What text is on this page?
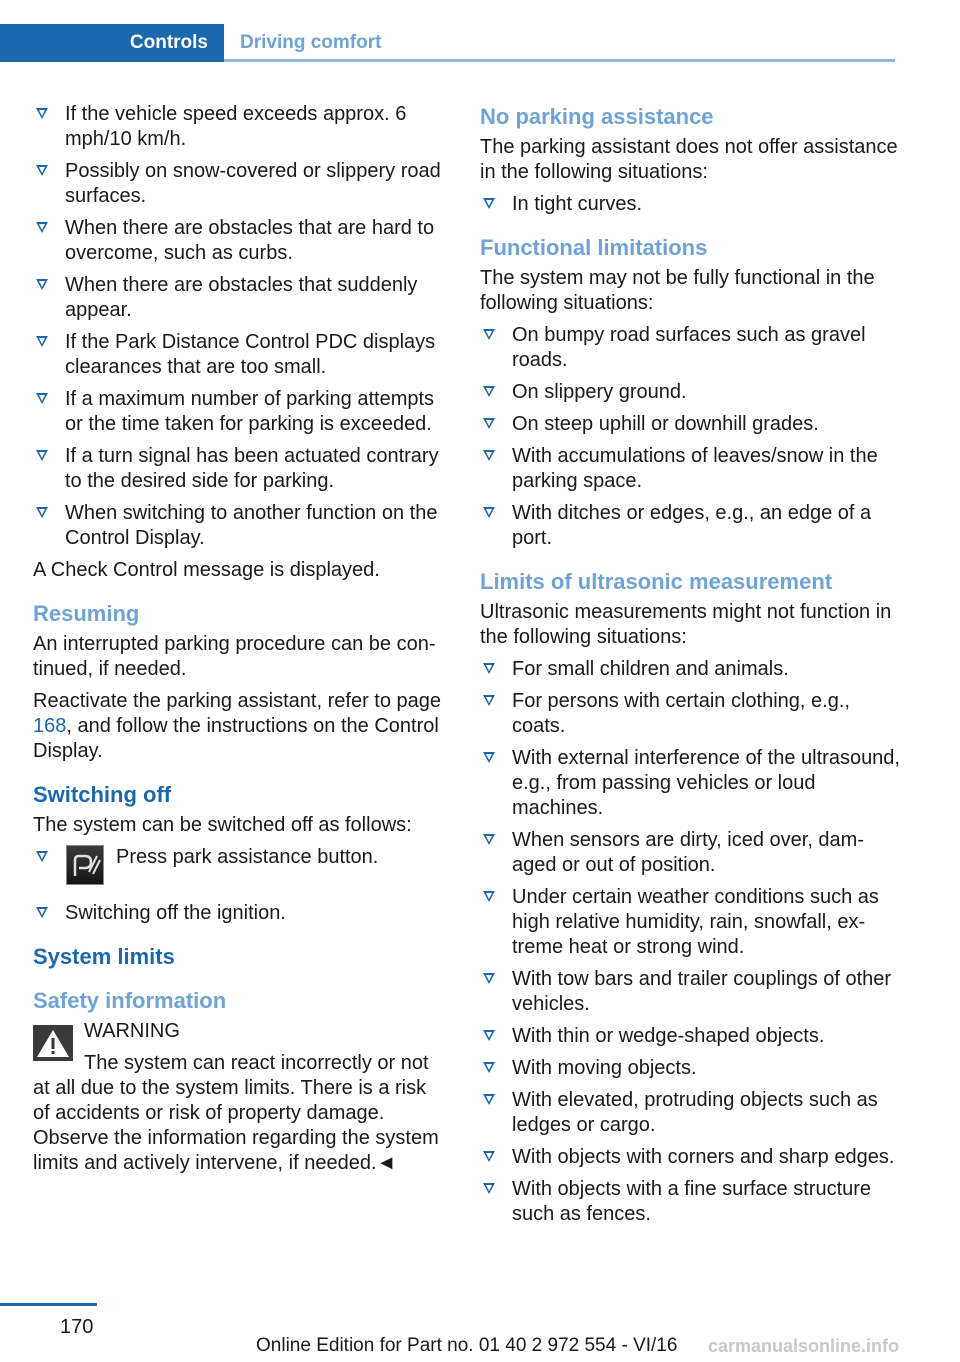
Controls	Driving comfort
If the vehicle speed exceeds approx. 6 mph/10 km/h.
Possibly on snow-covered or slippery road surfaces.
When there are obstacles that are hard to overcome, such as curbs.
When there are obstacles that suddenly appear.
If the Park Distance Control PDC displays clearances that are too small.
If a maximum number of parking attempts or the time taken for parking is exceeded.
If a turn signal has been actuated contrary to the desired side for parking.
When switching to another function on the Control Display.

A Check Control message is displayed.

Resuming

An interrupted parking procedure can be continued, if needed.

Reactivate the parking assistant, refer to page 168, and follow the instructions on the Control Display.

Switching off

The system can be switched off as follows:

Press park assistance button.
Switching off the ignition.
System limits
Safety information
WARNING

The system can react incorrectly or not at all due to the system limits. There is a risk of accidents or risk of property damage. Observe the information regarding the system limits and actively intervene, if needed.◄

No parking assistance

The parking assistant does not offer assistance in the following situations:

In tight curves.
Functional limitations

The system may not be fully functional in the following situations:

On bumpy road surfaces such as gravel roads.
On slippery ground.
On steep uphill or downhill grades.
With accumulations of leaves/snow in the parking space.
With ditches or edges, e.g., an edge of a port.
Limits of ultrasonic measurement

Ultrasonic measurements might not function in the following situations:

For small children and animals.
For persons with certain clothing, e.g., coats.
With external interference of the ultrasound, e.g., from passing vehicles or loud machines.
When sensors are dirty, iced over, damaged or out of position.
Under certain weather conditions such as high relative humidity, rain, snowfall, extreme heat or strong wind.
With tow bars and trailer couplings of other vehicles.
With thin or wedge-shaped objects.
With moving objects.
With elevated, protruding objects such as ledges or cargo.
With objects with corners and sharp edges.
With objects with a fine surface structure such as fences.
170
Online Edition for Part no. 01 40 2 972 554 - VI/16 carmanualsonline.info
